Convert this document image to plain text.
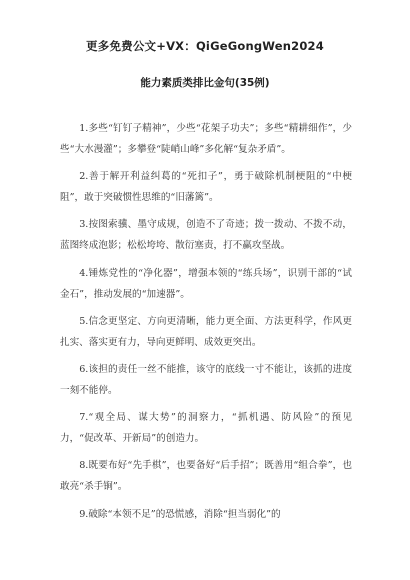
更多免费公文+VX：QiGeGongWen2024
能力素质类排比金句(35例)

1.多些“钉钉子精神”，少些“花架子功夫”；多些“精耕细作”，少些“大水漫灌”；多攀登“陡峭山峰”多化解“复杂矛盾”。

2.善于解开利益纠葛的“死扣子”，勇于破除机制梗阻的“中梗阻”，敢于突破惯性思维的“旧藩篱”。

3.按图索骥、墨守成规，创造不了奇迹；拨一拨动、不拨不动，蓝图终成泡影；松松垮垮、散衍塞责，打不赢攻坚战。

4.锤炼党性的“净化器”，增强本领的“练兵场”，识别干部的“试金石”，推动发展的“加速器”。

5.信念更坚定、方向更清晰，能力更全面、方法更科学，作风更扎实、落实更有力，导向更鲜明、成效更突出。

6.该担的责任一丝不能推，该守的底线一寸不能让，该抓的进度一刻不能停。

7.“观全局、谋大势”的洞察力，“抓机遇、防风险”的预见力，“促改革、开新局”的创造力。

8.既要布好“先手棋”，也要备好“后手招”；既善用“组合拳”，也敢亮“杀手锏”。

9.破除“本领不足”的恐慌感，消除“担当弱化”的
